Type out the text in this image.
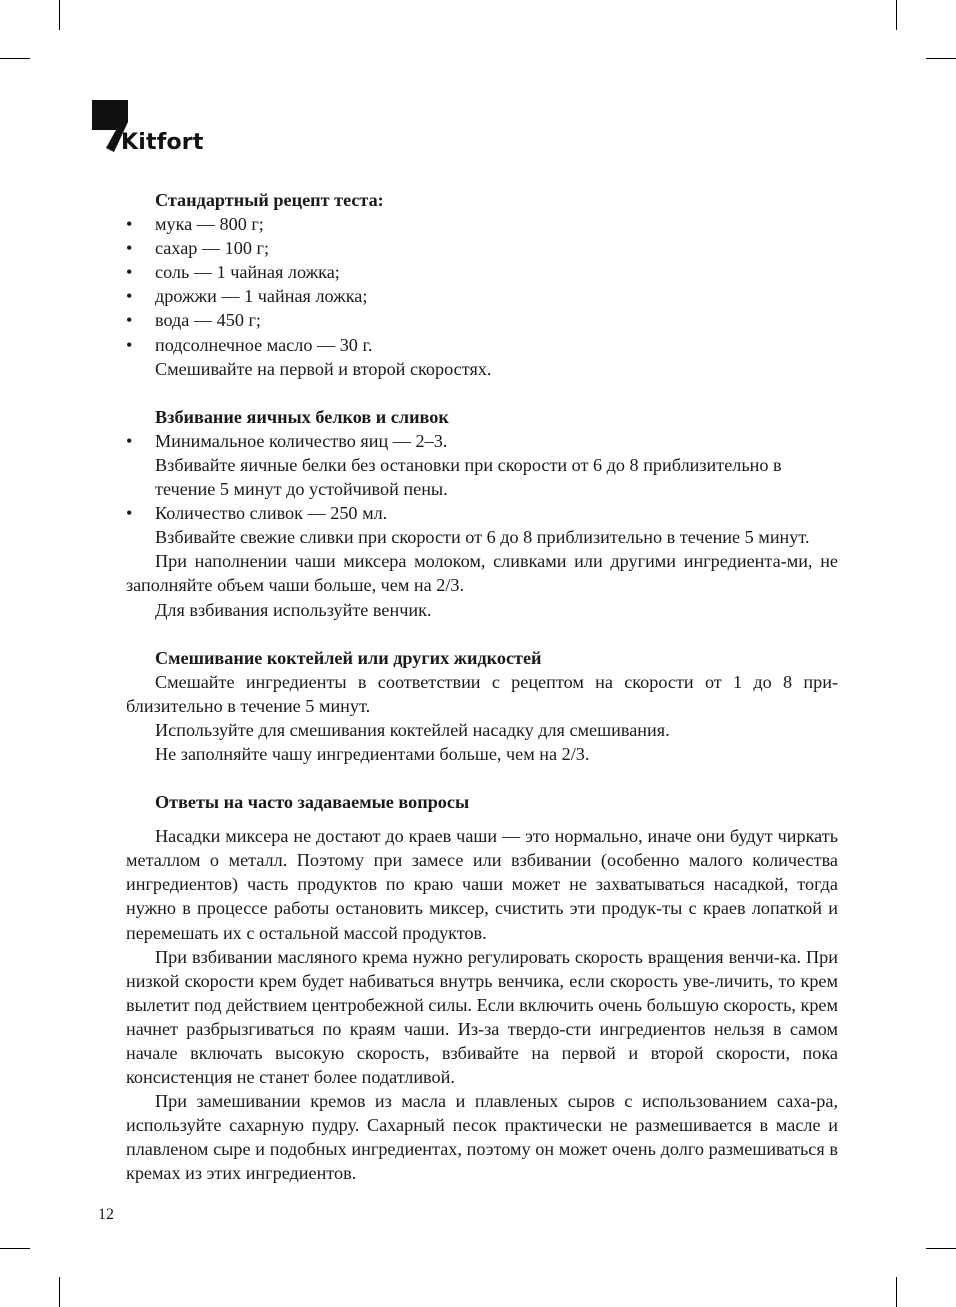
Kitfort
Стандартный рецепт теста:
• мука — 800 г;
• сахар — 100 г;
• соль — 1 чайная ложка;
• дрожжи — 1 чайная ложка;
• вода — 450 г;
• подсолнечное масло — 30 г.
Смешивайте на первой и второй скоростях.
Взбивание яичных белков и сливок
• Минимальное количество яиц — 2–3.
Взбивайте яичные белки без остановки при скорости от 6 до 8 приблизительно в течение 5 минут до устойчивой пены.
• Количество сливок — 250 мл.
Взбивайте свежие сливки при скорости от 6 до 8 приблизительно в течение 5 минут.
При наполнении чаши миксера молоком, сливками или другими ингредиента-ми, не заполняйте объем чаши больше, чем на 2/3.
Для взбивания используйте венчик.
Смешивание коктейлей или других жидкостей
Смешайте ингредиенты в соответствии с рецептом на скорости от 1 до 8 при-близительно в течение 5 минут.
Используйте для смешивания коктейлей насадку для смешивания.
Не заполняйте чашу ингредиентами больше, чем на 2/3.
Ответы на часто задаваемые вопросы
Насадки миксера не достают до краев чаши — это нормально, иначе они будут чиркать металлом о металл. Поэтому при замесе или взбивании (особенно малого количества ингредиентов) часть продуктов по краю чаши может не захватываться насадкой, тогда нужно в процессе работы остановить миксер, счистить эти продук-ты с краев лопаткой и перемешать их с остальной массой продуктов.
При взбивании масляного крема нужно регулировать скорость вращения венчи-ка. При низкой скорости крем будет набиваться внутрь венчика, если скорость уве-личить, то крем вылетит под действием центробежной силы. Если включить очень большую скорость, крем начнет разбрызгиваться по краям чаши. Из-за твердо-сти ингредиентов нельзя в самом начале включать высокую скорость, взбивайте на первой и второй скорости, пока консистенция не станет более податливой.
При замешивании кремов из масла и плавленых сыров с использованием саха-ра, используйте сахарную пудру. Сахарный песок практически не размешивается в масле и плавленом сыре и подобных ингредиентах, поэтому он может очень долго размешиваться в кремах из этих ингредиентов.
12
